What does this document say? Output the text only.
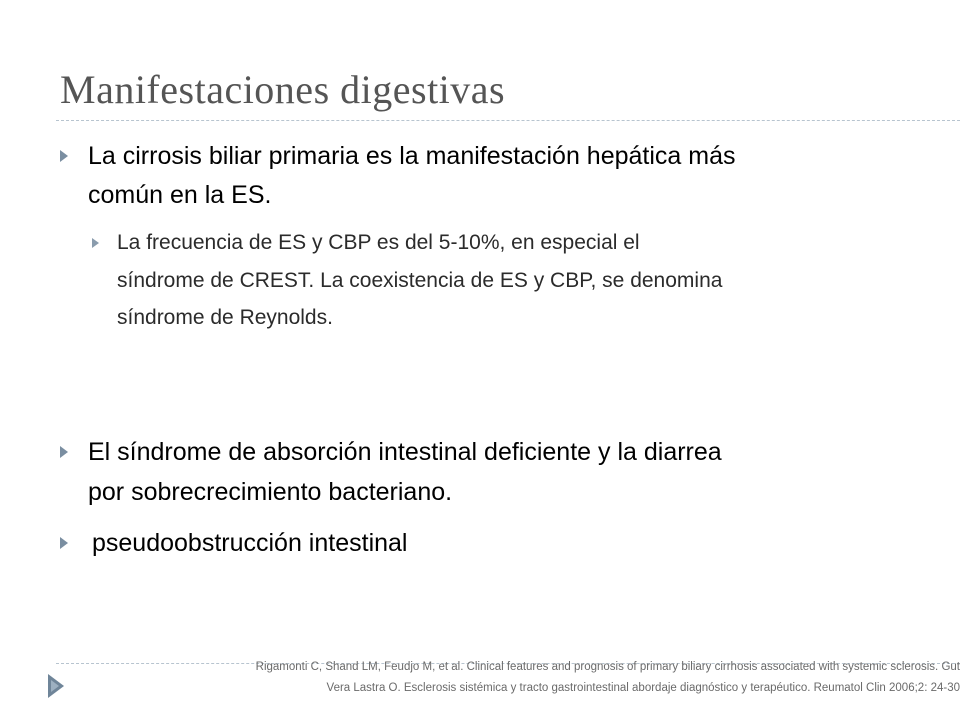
Manifestaciones digestivas
La cirrosis biliar primaria es la manifestación hepática más
común en la ES.
La frecuencia de ES y CBP es del 5-10%, en especial el
síndrome de CREST. La coexistencia de ES y CBP, se denomina
síndrome de Reynolds.
El síndrome de absorción intestinal deficiente y la diarrea
por sobrecrecimiento bacteriano.
pseudoobstrucción intestinal
Rigamonti C, Shand LM, Feudjo M, et al. Clinical features and prognosis of primary biliary cirrhosis associated with systemic sclerosis. Gut
Vera Lastra O. Esclerosis sistémica y tracto gastrointestinal abordaje diagnóstico y terapéutico. Reumatol Clin 2006;2: 24-30
